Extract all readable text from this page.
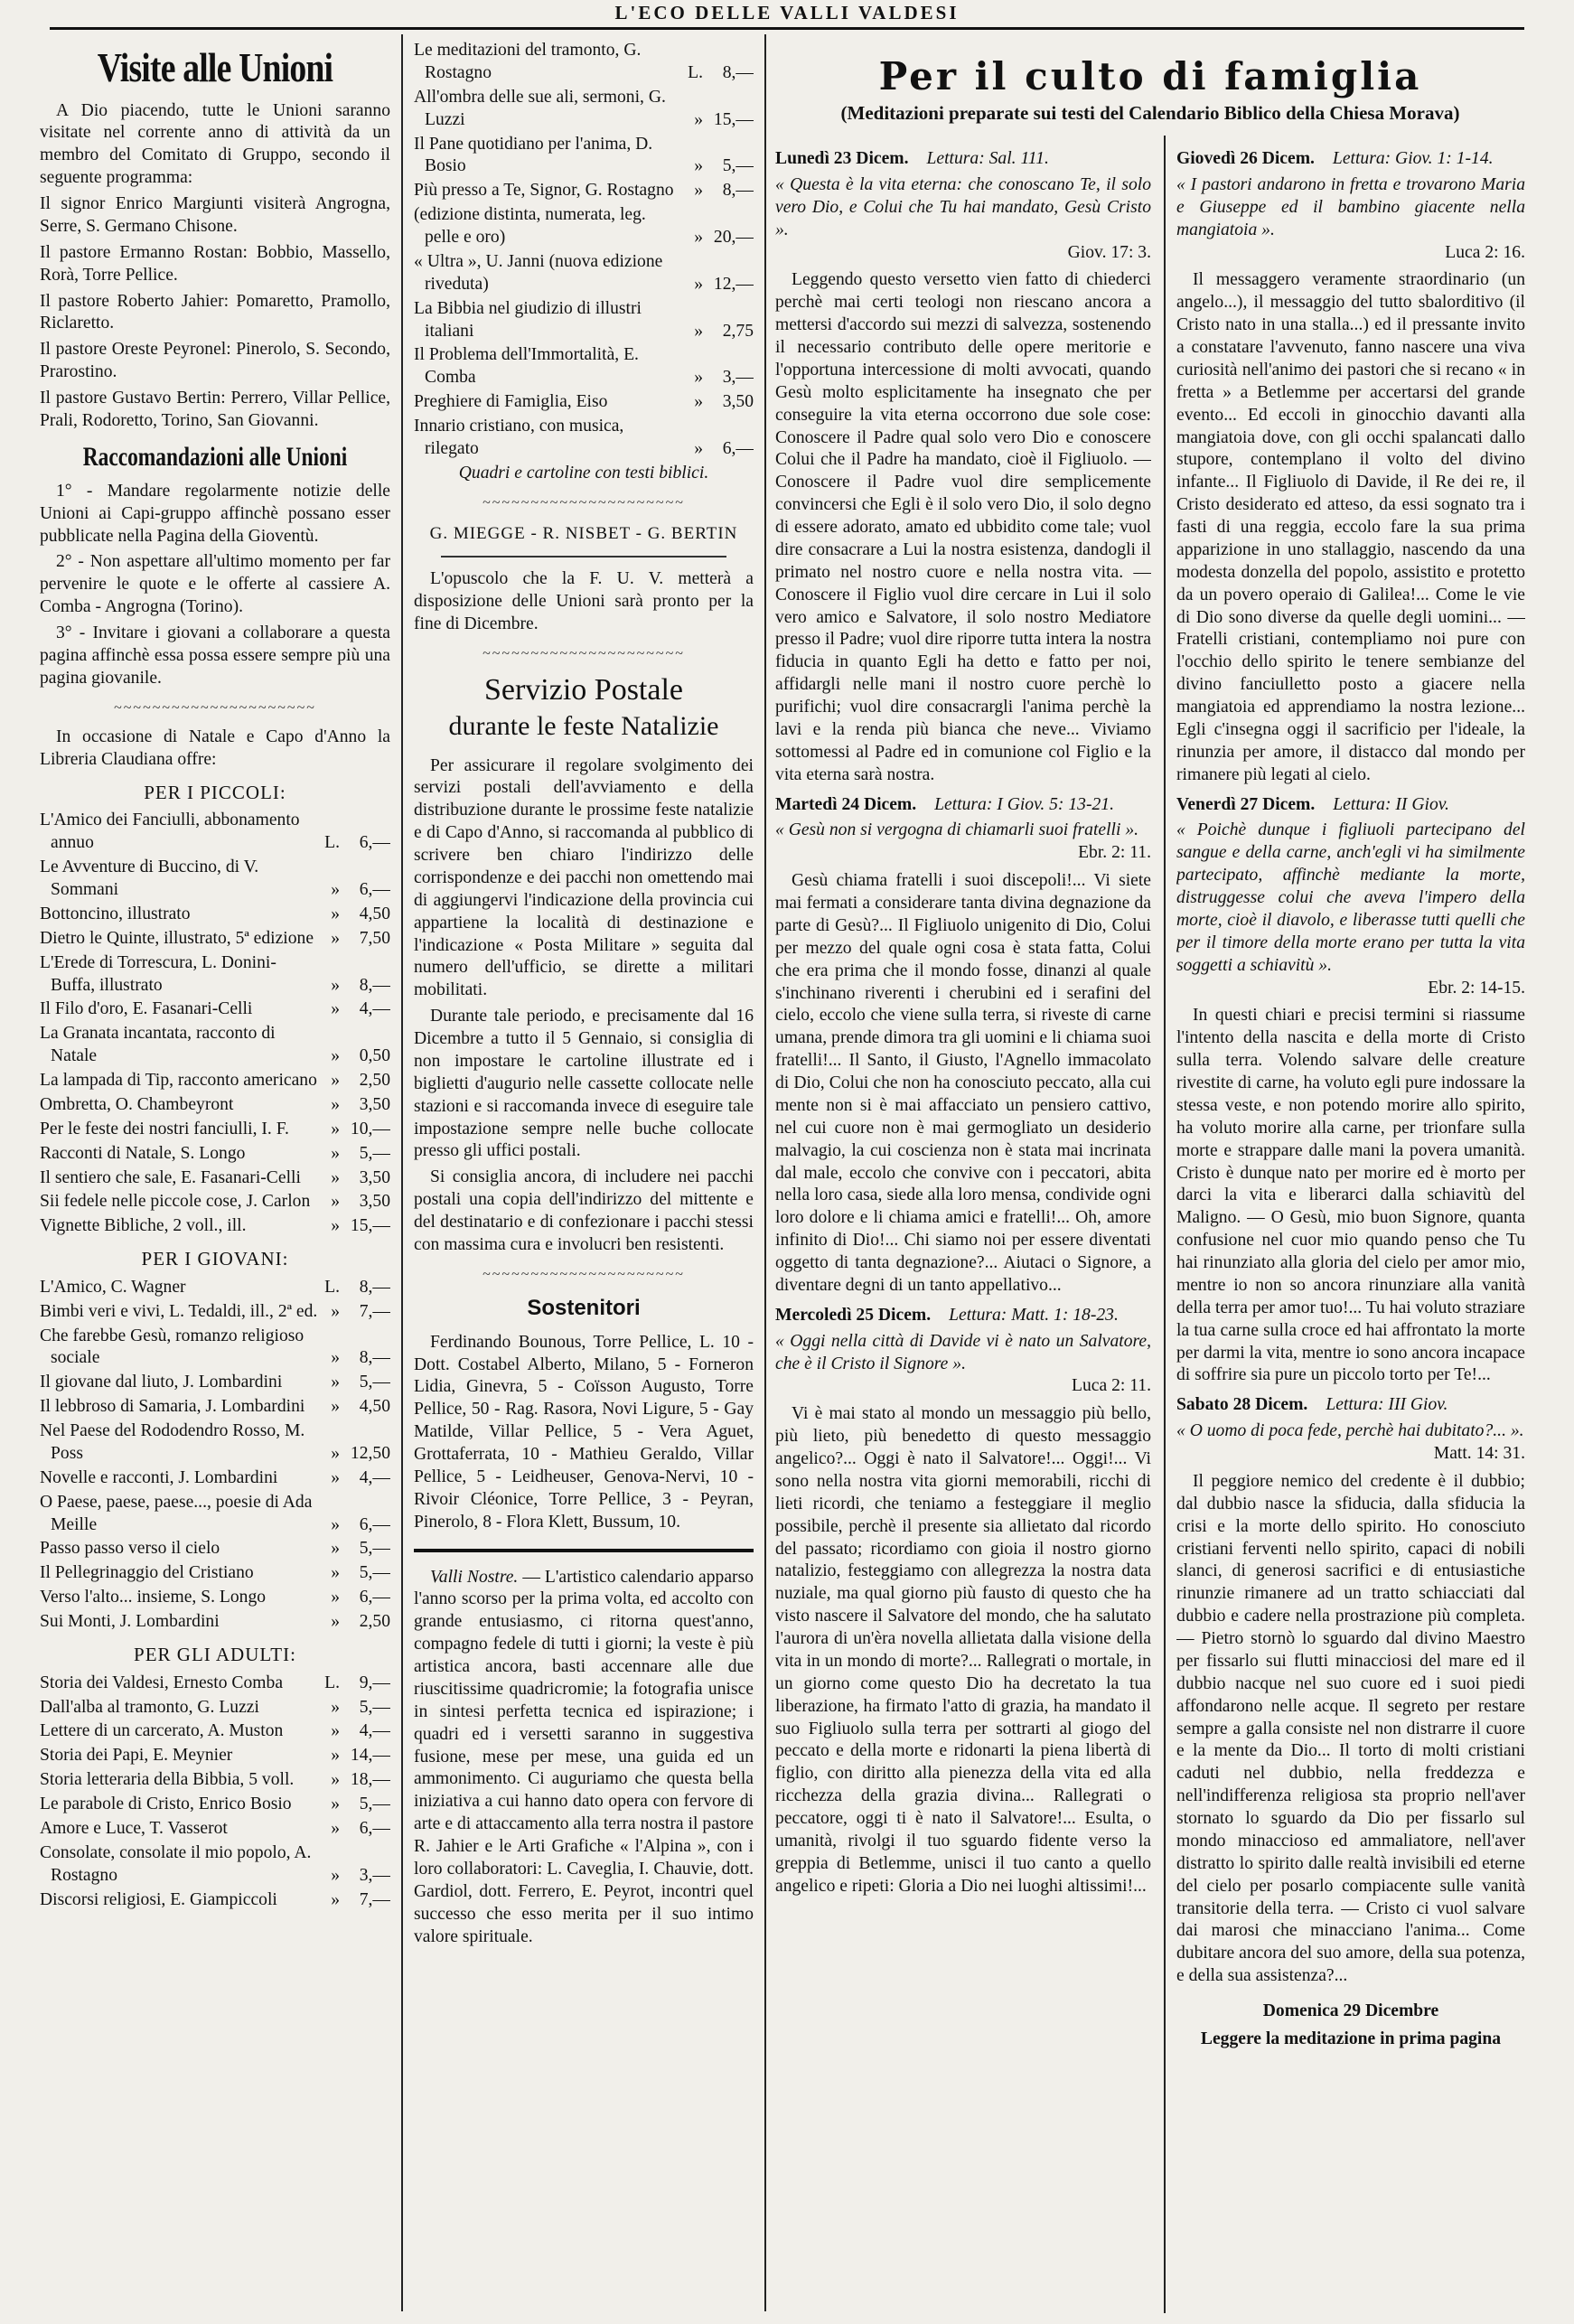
L'ECO DELLE VALLI VALDESI
Visite alle Unioni

A Dio piacendo, tutte le Unioni saranno visitate nel corrente anno di attività da un membro del Comitato di Gruppo, secondo il seguente programma:

Il signor Enrico Margiunti visiterà Angrogna, Serre, S. Germano Chisone.

Il pastore Ermanno Rostan: Bobbio, Massello, Rorà, Torre Pellice.

Il pastore Roberto Jahier: Pomaretto, Pramollo, Riclaretto.

Il pastore Oreste Peyronel: Pinerolo, S. Secondo, Prarostino.

Il pastore Gustavo Bertin: Perrero, Villar Pellice, Prali, Rodoretto, Torino, San Giovanni.

Raccomandazioni alle Unioni

1° - Mandare regolarmente notizie delle Unioni ai Capi-gruppo affinchè possano esser pubblicate nella Pagina della Gioventù.

2° - Non aspettare all'ultimo momento per far pervenire le quote e le offerte al cassiere A. Comba - Angrogna (Torino).

3° - Invitare i giovani a collaborare a questa pagina affinchè essa possa essere sempre più una pagina giovanile.

~~~~~~~~~~~~~~~~~~~~~

In occasione di Natale e Capo d'Anno la Libreria Claudiana offre:

PER I PICCOLI:
L'Amico dei Fanciulli, abbonamento annuo	L.	6,—
Le Avventure di Buccino, di V. Sommani	»	6,—
Bottoncino, illustrato	»	4,50
Dietro le Quinte, illustrato, 5ª edizione »	7,50
L'Erede di Torrescura, L. Donini-Buffa, illustrato	»	8,—
Il Filo d'oro, E. Fasanari-Celli	»	4,—
La Granata incantata, racconto di Natale	»	0,50
La lampada di Tip, racconto americano »	2,50
Ombretta, O. Chambeyront	»	3,50
Per le feste dei nostri fanciulli, I. F.	» 10,—
Racconti di Natale, S. Longo	»	5,—
Il sentiero che sale, E. Fasanari-Celli	»	3,50
Sii fedele nelle piccole cose, J. Carlon	»	3,50
Vignette Bibliche, 2 voll., ill.	» 15,—
PER I GIOVANI:
L'Amico, C. Wagner	L.	8,—
Bimbi veri e vivi, L. Tedaldi, ill., 2ª ed. »	7,—
Che farebbe Gesù, romanzo religioso sociale	»	8,—
Il giovane dal liuto, J. Lombardini	»	5,—
Il lebbroso di Samaria, J. Lombardini	»	4,50
Nel Paese del Rododendro Rosso, M. Poss	» 12,50
Novelle e racconti, J. Lombardini	»	4,—
O Paese, paese, paese..., poesie di Ada Meille	»	6,—
Passo passo verso il cielo	»	5,—
Il Pellegrinaggio del Cristiano	»	5,—
Verso l'alto... insieme, S. Longo	»	6,—
Sui Monti, J. Lombardini	»	2,50
PER GLI ADULTI:
Storia dei Valdesi, Ernesto Comba	L.	9,—
Dall'alba al tramonto, G. Luzzi	»	5,—
Lettere di un carcerato, A. Muston	»	4,—
Storia dei Papi, E. Meynier	» 14,—
Storia letteraria della Bibbia, 5 voll.	» 18,—
Le parabole di Cristo, Enrico Bosio	»	5,—
Amore e Luce, T. Vasserot	»	6,—
Consolate, consolate il mio popolo, A. Rostagno	»	3,—
Discorsi religiosi, E. Giampiccoli	»	7,—
Le meditazioni del tramonto, G. Rostagno	L.	8,—
All'ombra delle sue ali, sermoni, G. Luzzi	» 15,—
Il Pane quotidiano per l'anima, D. Bosio	»	5,—
Più presso a Te, Signor, G. Rostagno	»	8,—
(edizione distinta, numerata, leg. pelle e oro)	» 20,—
« Ultra », U. Janni (nuova edizione riveduta)	» 12,—
La Bibbia nel giudizio di illustri italiani	»	2,75
Il Problema dell'Immortalità, E. Comba	»	3,—
Preghiere di Famiglia, Eiso	»	3,50
Innario cristiano, con musica, rilegato	»	6,—
Quadri e cartoline con testi biblici.
~~~~~~~~~~~~~~~~~~~~~
G. MIEGGE - R. NISBET - G. BERTIN

L'opuscolo che la F. U. V. metterà a disposizione delle Unioni sarà pronto per la fine di Dicembre.

~~~~~~~~~~~~~~~~~~~~~
Servizio Postale
durante le feste Natalizie

Per assicurare il regolare svolgimento dei servizi postali dell'avviamento e della distribuzione durante le prossime feste natalizie e di Capo d'Anno, si raccomanda al pubblico di scrivere ben chiaro l'indirizzo delle corrispondenze e dei pacchi non omettendo mai di aggiungervi l'indicazione della provincia cui appartiene la località di destinazione e l'indicazione « Posta Militare » seguita dal numero dell'ufficio, se dirette a militari mobilitati.

Durante tale periodo, e precisamente dal 16 Dicembre a tutto il 5 Gennaio, si consiglia di non impostare le cartoline illustrate ed i biglietti d'augurio nelle cassette collocate nelle stazioni e si raccomanda invece di eseguire tale impostazione sempre nelle buche collocate presso gli uffici postali.

Si consiglia ancora, di includere nei pacchi postali una copia dell'indirizzo del mittente e del destinatario e di confezionare i pacchi stessi con massima cura e involucri ben resistenti.

~~~~~~~~~~~~~~~~~~~~~
Sostenitori

Ferdinando Bounous, Torre Pellice, L. 10 - Dott. Costabel Alberto, Milano, 5 - Forneron Lidia, Ginevra, 5 - Coïsson Augusto, Torre Pellice, 50 - Rag. Rasora, Novi Ligure, 5 - Gay Matilde, Villar Pellice, 5 - Vera Aguet, Grottaferrata, 10 - Mathieu Geraldo, Villar Pellice, 5 - Leidheuser, Genova-Nervi, 10 - Rivoir Cléonice, Torre Pellice, 3 - Peyran, Pinerolo, 8 - Flora Klett, Bussum, 10.

Valli Nostre. — L'artistico calendario apparso l'anno scorso per la prima volta, ed accolto con grande entusiasmo, ci ritorna quest'anno, compagno fedele di tutti i giorni; la veste è più artistica ancora, basti accennare alle due riuscitissime quadricromie; la fotografia unisce in sintesi perfetta tecnica ed ispirazione; i quadri ed i versetti saranno in suggestiva fusione, mese per mese, una guida ed un ammonimento. Ci auguriamo che questa bella iniziativa a cui hanno dato opera con fervore di arte e di attaccamento alla terra nostra il pastore R. Jahier e le Arti Grafiche « l'Alpina », con i loro collaboratori: L. Caveglia, I. Chauvie, dott. Gardiol, dott. Ferrero, E. Peyrot, incontri quel successo che esso merita per il suo intimo valore spirituale.

Per il culto di famiglia
(Meditazioni preparate sui testi del Calendario Biblico della Chiesa Morava)
Lunedì 23 Dicem. Lettura: Sal. 111.
« Questa è la vita eterna: che conoscano Te, il solo vero Dio, e Colui che Tu hai mandato, Gesù Cristo ».
Giov. 17: 3.

Leggendo questo versetto vien fatto di chiederci perchè mai certi teologi non riescano ancora a mettersi d'accordo sui mezzi di salvezza, sostenendo il necessario contributo delle opere meritorie e l'opportuna intercessione di molti avvocati, quando Gesù molto esplicitamente ha insegnato che per conseguire la vita eterna occorrono due sole cose: Conoscere il Padre qual solo vero Dio e conoscere Colui che il Padre ha mandato, cioè il Figliuolo. — Conoscere il Padre vuol dire semplicemente convincersi che Egli è il solo vero Dio, il solo degno di essere adorato, amato ed ubbidito come tale; vuol dire consacrare a Lui la nostra esistenza, dandogli il primato nel nostro cuore e nella nostra vita. — Conoscere il Figlio vuol dire cercare in Lui il solo vero amico e Salvatore, il solo nostro Mediatore presso il Padre; vuol dire riporre tutta intera la nostra fiducia in quanto Egli ha detto e fatto per noi, affidargli nelle mani il nostro cuore perchè lo purifichi; vuol dire consacrargli l'anima perchè la lavi e la renda più bianca che neve... Viviamo sottomessi al Padre ed in comunione col Figlio e la vita eterna sarà nostra.

Martedì 24 Dicem. Lettura: I Giov. 5: 13-21.
« Gesù non si vergogna di chiamarli suoi fratelli ».
Ebr. 2: 11.

Gesù chiama fratelli i suoi discepoli!... Vi siete mai fermati a considerare tanta divina degnazione da parte di Gesù?... Il Figliuolo unigenito di Dio, Colui per mezzo del quale ogni cosa è stata fatta, Colui che era prima che il mondo fosse, dinanzi al quale s'inchinano riverenti i cherubini ed i serafini del cielo, eccolo che viene sulla terra, si riveste di carne umana, prende dimora tra gli uomini e li chiama suoi fratelli!... Il Santo, il Giusto, l'Agnello immacolato di Dio, Colui che non ha conosciuto peccato, alla cui mente non si è mai affacciato un pensiero cattivo, nel cui cuore non è mai germogliato un desiderio malvagio, la cui coscienza non è stata mai incrinata dal male, eccolo che convive con i peccatori, abita nella loro casa, siede alla loro mensa, condivide ogni loro dolore e li chiama amici e fratelli!... Oh, amore infinito di Dio!... Chi siamo noi per essere diventati oggetto di tanta degnazione?... Aiutaci o Signore, a diventare degni di un tanto appellativo...

Mercoledì 25 Dicem. Lettura: Matt. 1: 18-23.
« Oggi nella città di Davide vi è nato un Salvatore, che è il Cristo il Signore ».
Luca 2: 11.

Vi è mai stato al mondo un messaggio più bello, più lieto, più benedetto di questo messaggio angelico?... Oggi è nato il Salvatore!... Oggi!... Vi sono nella nostra vita giorni memorabili, ricchi di lieti ricordi, che teniamo a festeggiare il meglio possibile, perchè il presente sia allietato dal ricordo del passato; ricordiamo con gioia il nostro giorno natalizio, festeggiamo con allegrezza la nostra data nuziale, ma qual giorno più fausto di questo che ha visto nascere il Salvatore del mondo, che ha salutato l'aurora di un'èra novella allietata dalla visione della vita in un mondo di morte?... Rallegrati o mortale, in un giorno come questo Dio ha decretato la tua liberazione, ha firmato l'atto di grazia, ha mandato il suo Figliuolo sulla terra per sottrarti al giogo del peccato e della morte e ridonarti la piena libertà di figlio, con diritto alla pienezza della vita ed alla ricchezza della grazia divina... Rallegrati o peccatore, oggi ti è nato il Salvatore!... Esulta, o umanità, rivolgi il tuo sguardo fidente verso la greppia di Betlemme, unisci il tuo canto a quello angelico e ripeti: Gloria a Dio nei luoghi altissimi!...

Giovedì 26 Dicem. Lettura: Giov. 1: 1-14.
« I pastori andarono in fretta e trovarono Maria e Giuseppe ed il bambino giacente nella mangiatoia ».
Luca 2: 16.

Il messaggero veramente straordinario (un angelo...), il messaggio del tutto sbalorditivo (il Cristo nato in una stalla...) ed il pressante invito a constatare l'avvenuto, fanno nascere una viva curiosità nell'animo dei pastori che si recano « in fretta » a Betlemme per accertarsi del grande evento... Ed eccoli in ginocchio davanti alla mangiatoia dove, con gli occhi spalancati dallo stupore, contemplano il volto del divino infante... Il Figliuolo di Davide, il Re dei re, il Cristo desiderato ed atteso, da essi sognato tra i fasti di una reggia, eccolo fare la sua prima apparizione in uno stallaggio, nascendo da una modesta donzella del popolo, assistito e protetto da un povero operaio di Galilea!... Come le vie di Dio sono diverse da quelle degli uomini... — Fratelli cristiani, contempliamo noi pure con l'occhio dello spirito le tenere sembianze del divino fanciulletto posto a giacere nella mangiatoia ed apprendiamo la nostra lezione... Egli c'insegna oggi il sacrificio per l'ideale, la rinunzia per amore, il distacco dal mondo per rimanere più legati al cielo.

Venerdì 27 Dicem. Lettura: II Giov.
« Poichè dunque i figliuoli partecipano del sangue e della carne, anch'egli vi ha similmente partecipato, affinchè mediante la morte, distruggesse colui che aveva l'impero della morte, cioè il diavolo, e liberasse tutti quelli che per il timore della morte erano per tutta la vita soggetti a schiavitù ».
Ebr. 2: 14-15.

In questi chiari e precisi termini si riassume l'intento della nascita e della morte di Cristo sulla terra. Volendo salvare delle creature rivestite di carne, ha voluto egli pure indossare la stessa veste, e non potendo morire allo spirito, ha voluto morire alla carne, per trionfare sulla morte e strappare dalle mani la povera umanità. Cristo è dunque nato per morire ed è morto per darci la vita e liberarci dalla schiavitù del Maligno. — O Gesù, mio buon Signore, quanta confusione nel cuor mio quando penso che Tu hai rinunziato alla gloria del cielo per amor mio, mentre io non so ancora rinunziare alla vanità della terra per amor tuo!... Tu hai voluto straziare la tua carne sulla croce ed hai affrontato la morte per darmi la vita, mentre io sono ancora incapace di soffrire sia pure un piccolo torto per Te!...

Sabato 28 Dicem. Lettura: III Giov.
« O uomo di poca fede, perchè hai dubitato?... ».
Matt. 14: 31.

Il peggiore nemico del credente è il dubbio; dal dubbio nasce la sfiducia, dalla sfiducia la crisi e la morte dello spirito. Ho conosciuto cristiani ferventi nello spirito, capaci di nobili slanci, di generosi sacrifici e di entusiastiche rinunzie rimanere ad un tratto schiacciati dal dubbio e cadere nella prostrazione più completa. — Pietro stornò lo sguardo dal divino Maestro per fissarlo sui flutti minacciosi del mare ed il dubbio nacque nel suo cuore ed i suoi piedi affondarono nelle acque. Il segreto per restare sempre a galla consiste nel non distrarre il cuore e la mente da Dio... Il torto di molti cristiani caduti nel dubbio, nella freddezza e nell'indifferenza religiosa sta proprio nell'aver stornato lo sguardo da Dio per fissarlo sul mondo minaccioso ed ammaliatore, nell'aver distratto lo spirito dalle realtà invisibili ed eterne del cielo per posarlo compiacente sulle vanità transitorie della terra. — Cristo ci vuol salvare dai marosi che minacciano l'anima... Come dubitare ancora del suo amore, della sua potenza, e della sua assistenza?...

Domenica 29 Dicembre
Leggere la meditazione in prima pagina
